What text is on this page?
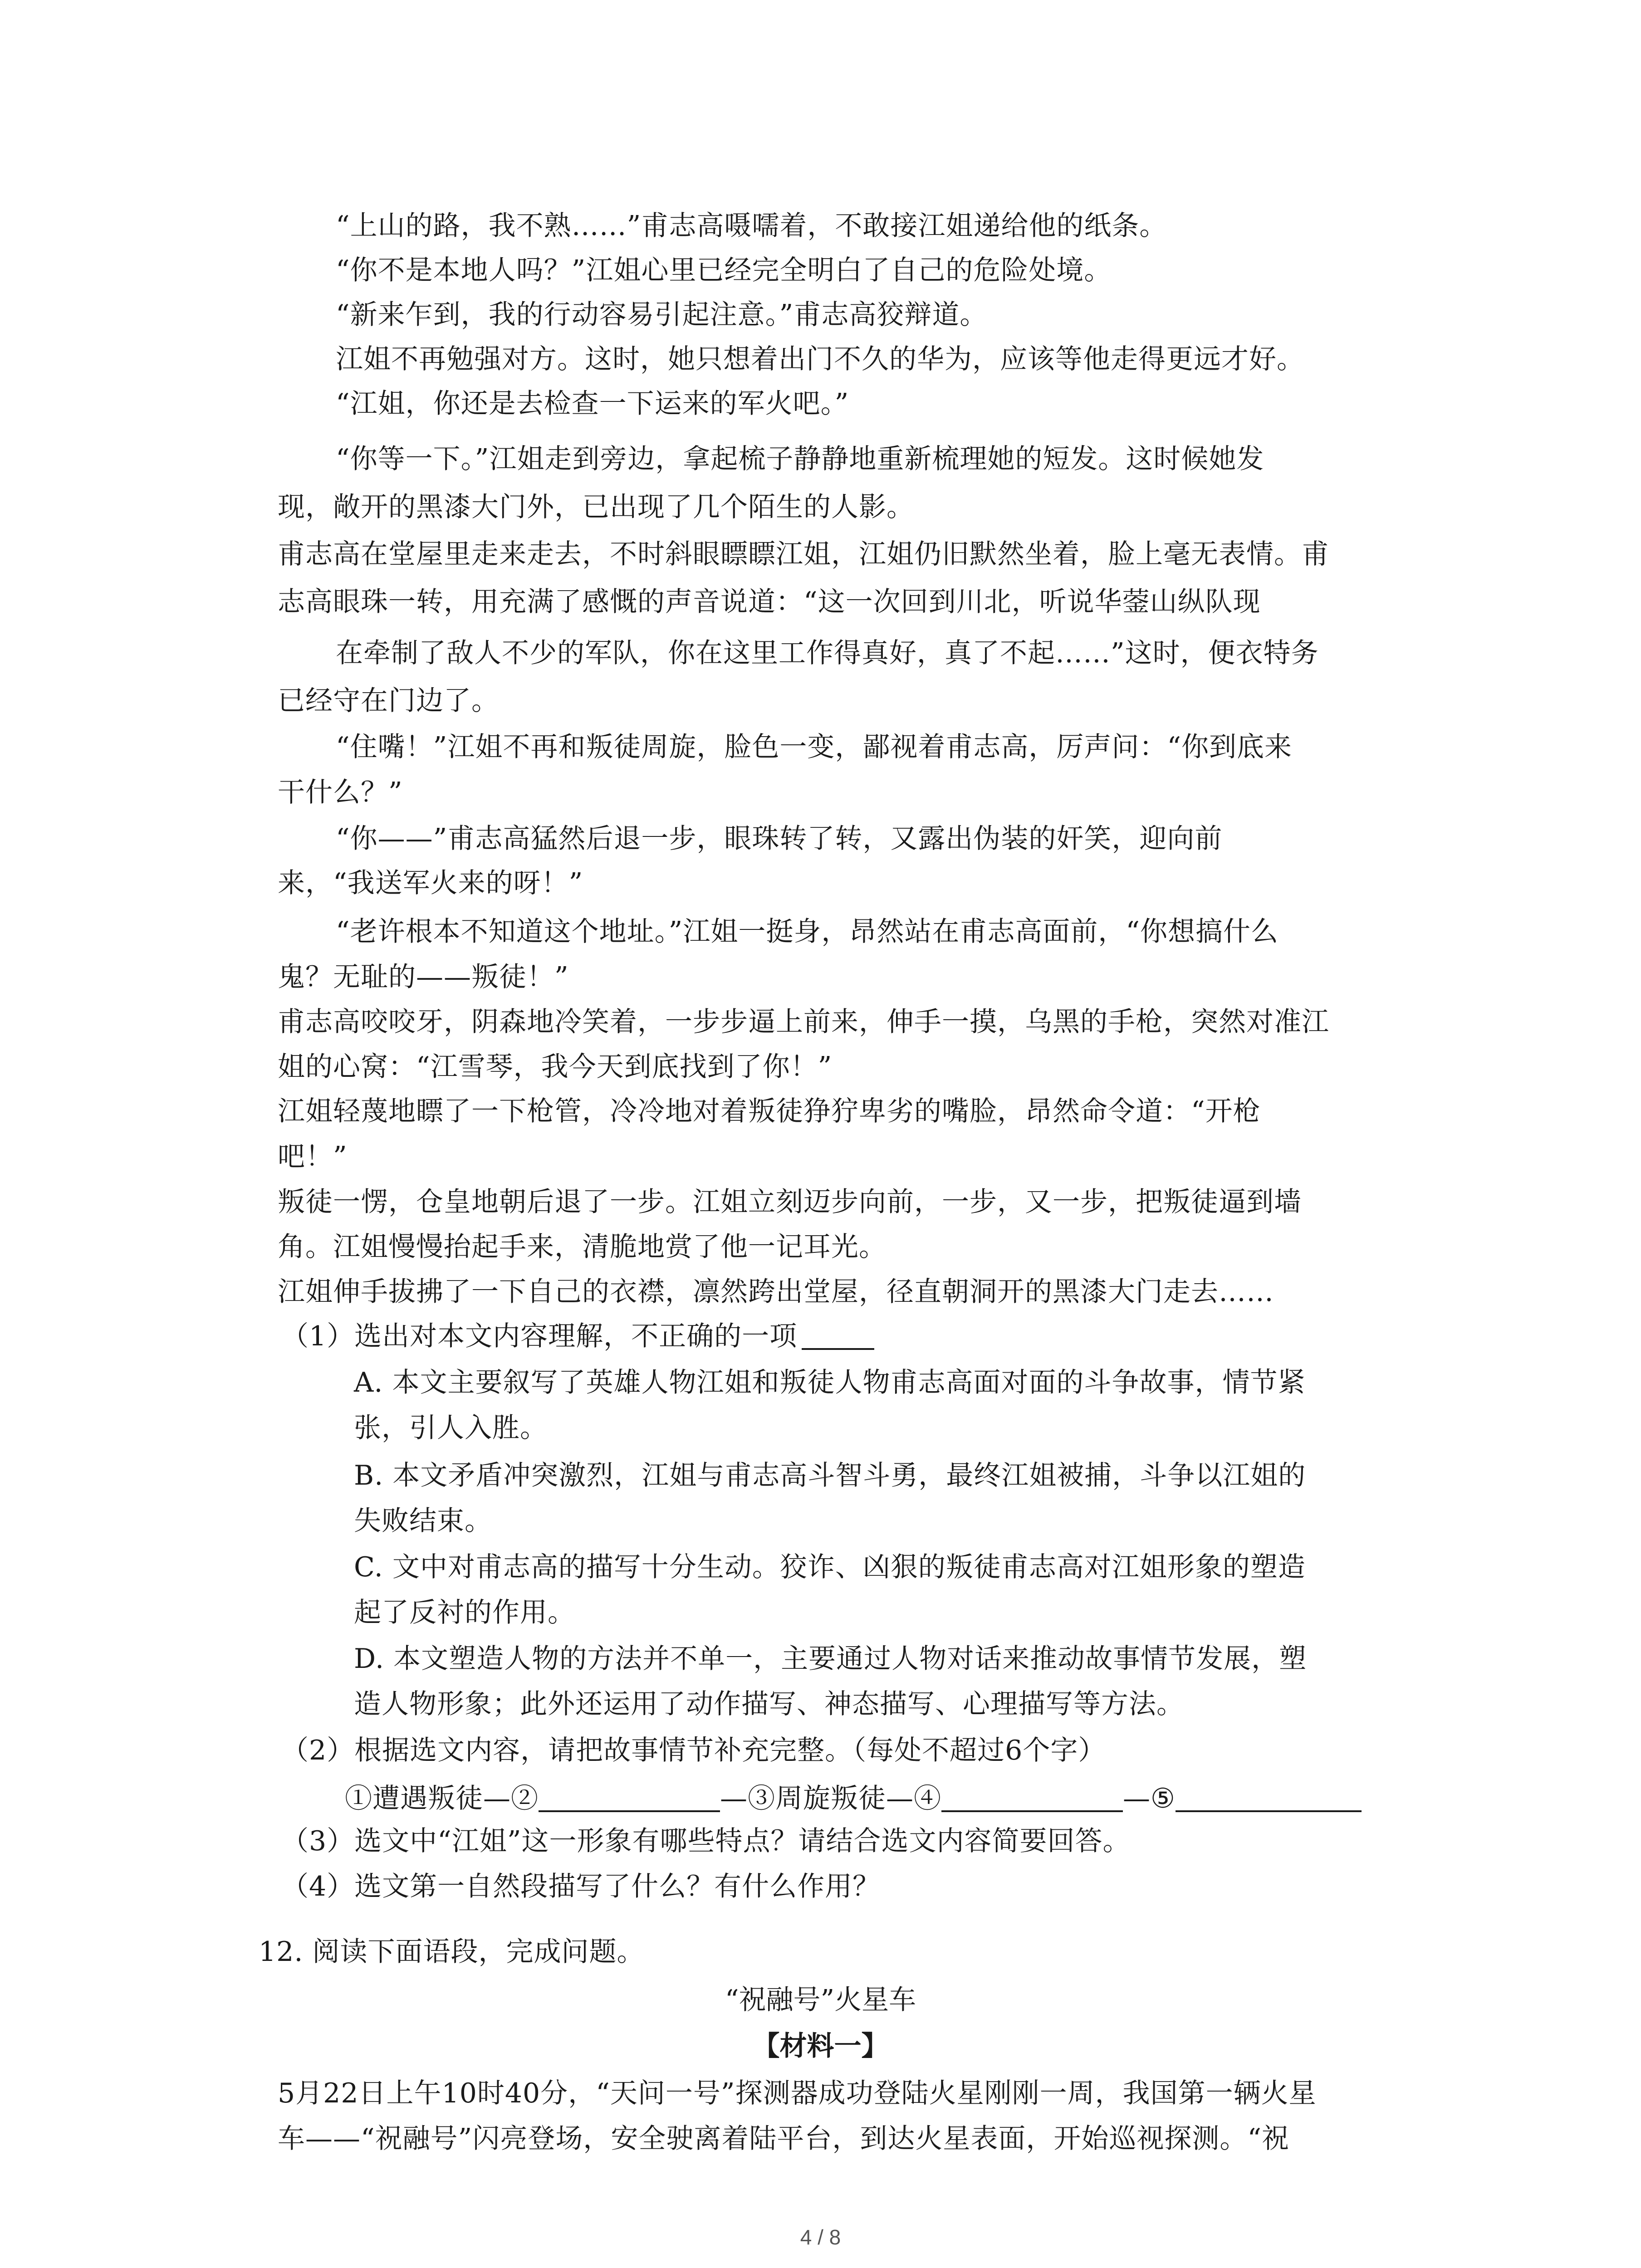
“上山的路，我不熟……”甫志高嗫嚅着，不敢接江姐递给他的纸条。
“你不是本地人吗？”江姐心里已经完全明白了自己的危险处境。
“新来乍到，我的行动容易引起注意。”甫志高狡辩道。
江姐不再勉强对方。这时，她只想着出门不久的华为，应该等他走得更远才好。
“江姐，你还是去检查一下运来的军火吧。”
“你等一下。”江姐走到旁边，拿起梳子静静地重新梳理她的短发。这时候她发
现，敞开的黑漆大门外，已出现了几个陌生的人影。
甫志高在堂屋里走来走去，不时斜眼瞟瞟江姐，江姐仍旧默然坐着，脸上毫无表情。甫
志高眼珠一转，用充满了感慨的声音说道：“这一次回到川北，听说华蓥山纵队现
在牵制了敌人不少的军队，你在这里工作得真好，真了不起……”这时，便衣特务
已经守在门边了。
“住嘴！”江姐不再和叛徒周旋，脸色一变，鄙视着甫志高，厉声问：“你到底来
干什么？”
“你——”甫志高猛然后退一步，眼珠转了转，又露出伪装的奸笑，迎向前
来，“我送军火来的呀！”
“老许根本不知道这个地址。”江姐一挺身，昂然站在甫志高面前，“你想搞什么
鬼？无耻的——叛徒！”
甫志高咬咬牙，阴森地冷笑着，一步步逼上前来，伸手一摸，乌黑的手枪，突然对准江
姐的心窝：“江雪琴，我今天到底找到了你！”
江姐轻蔑地瞟了一下枪管，冷冷地对着叛徒狰狞卑劣的嘴脸，昂然命令道：“开枪
吧！”
叛徒一愣，仓皇地朝后退了一步。江姐立刻迈步向前，一步，又一步，把叛徒逼到墙
角。江姐慢慢抬起手来，清脆地赏了他一记耳光。
江姐伸手拔拂了一下自己的衣襟，凛然跨出堂屋，径直朝洞开的黑漆大门走去……
（1）选出对本文内容理解，不正确的一项
A. 本文主要叙写了英雄人物江姐和叛徒人物甫志高面对面的斗争故事，情节紧
张，引人入胜。
B. 本文矛盾冲突激烈，江姐与甫志高斗智斗勇，最终江姐被捕，斗争以江姐的
失败结束。
C. 文中对甫志高的描写十分生动。狡诈、凶狠的叛徒甫志高对江姐形象的塑造
起了反衬的作用。
D. 本文塑造人物的方法并不单一，主要通过人物对话来推动故事情节发展，塑
造人物形象；此外还运用了动作描写、神态描写、心理描写等方法。
（2）根据选文内容，请把故事情节补充完整。（每处不超过6个字）
①遭遇叛徒—②	—③周旋叛徒—④	—⑤
（3）选文中“江姐”这一形象有哪些特点？请结合选文内容简要回答。
（4）选文第一自然段描写了什么？有什么作用？
12. 阅读下面语段，完成问题。
“祝融号”火星车
【材料一】
5月22日上午10时40分，“天问一号”探测器成功登陆火星刚刚一周，我国第一辆火星
车——“祝融号”闪亮登场，安全驶离着陆平台，到达火星表面，开始巡视探测。“祝
4 / 8
